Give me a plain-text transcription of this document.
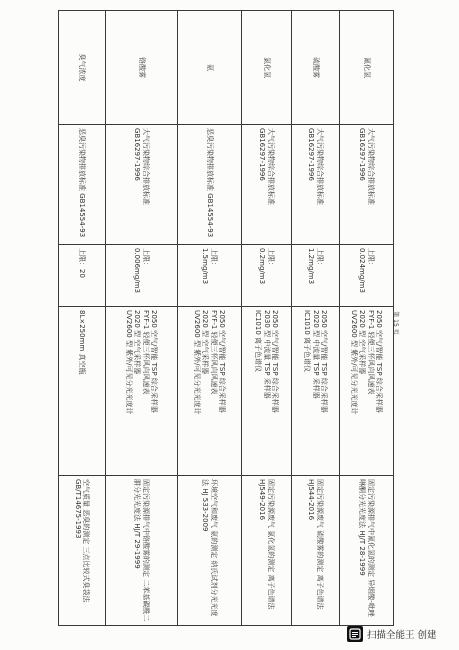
氰化氢	大气污染物综合排放标准 GB16297-1996	上限：0.024mg/m3	2050 空气/智能 TSP 综合采样器
FYF-1 轻便三杯风向风速表
2020 型 空气采样器
UV2600 型 紫外/可见分光光度计	固定污染源排气中氰化氢的测定 异烟酸-吡唑啉酮分光光度法 HJ/T 28-1999
硫酸雾	大气污染物综合排放标准 GB16297-1996	上限：1.2mg/m3	2050 空气/智能 TSP 综合采样器
2020 型 中流量 TSP 采样器
IC1010 离子色谱仪	固定污染源废气 硫酸雾的测定 离子色谱法 HJ544-2016
氯化氢	大气污染物综合排放标准 GB16297-1996	上限：0.2mg/m3	2050 空气/智能 TSP 综合采样器
2030 型 中流量 TSP 采样器
IC1010 离子色谱仪	固定污染源废气 氯化氢的测定 离子色谱法 HJ549-2016
氨	恶臭污染物排放标准 GB14554-93	上限：1.5mg/m3	2050 空气/智能 TSP 综合采样器
FYF-1 轻便三杯风向风速表
2020 型 空气采样器
UV2600 型 紫外/可见分光光度计	环境空气和废气 氨的测定 纳氏试剂分光光度法 HJ 533-2009
铬酸雾	大气污染物综合排放标准 GB16297-1996	上限：0.006mg/m3	2050 空气/智能 TSP 综合采样器
FYF-1 轻便三杯风向风速表
2020 型 空气采样器
UV2600 型 紫外/可见分光光度计	固定污染源排气中铬酸雾的测定 二苯基碳酰二肼分光光度法 HJ/T 29-1999
臭气浓度	恶臭污染物排放标准 GB14554-93	上限：20	8L×250mm 真空瓶	空气质量 恶臭的测定 三点比较式臭袋法 GB/T14675-1993
第 15 页
扫描全能王 创建
